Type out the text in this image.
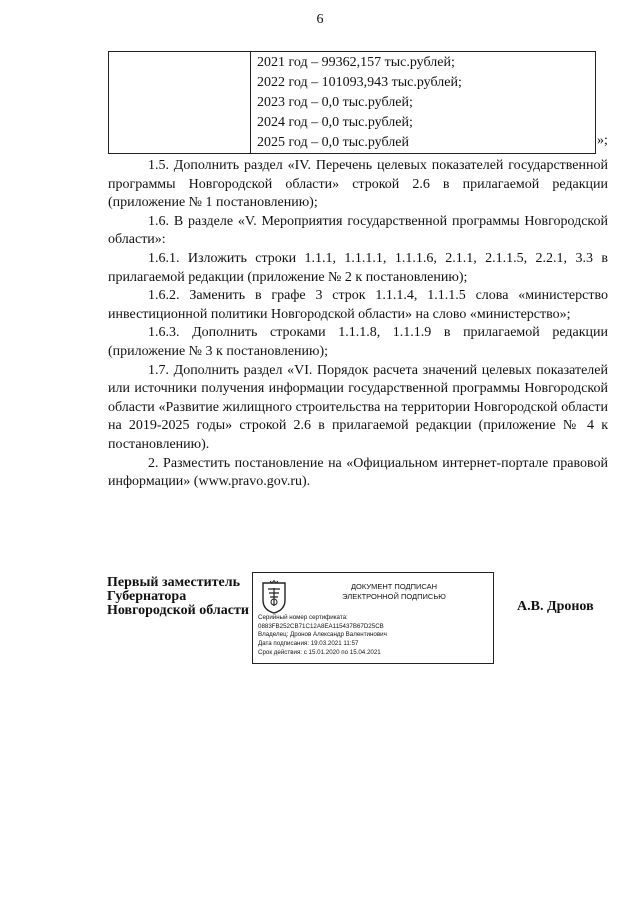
6

2021 год – 99362,157 тыс.рублей;
2022 год – 101093,943 тыс.рублей;
2023 год – 0,0 тыс.рублей;
2024 год – 0,0 тыс.рублей;
2025 год – 0,0 тыс.рублей	»;

1.5. Дополнить раздел «IV. Перечень целевых показателей государственной программы Новгородской области» строкой 2.6 в прилагаемой редакции (приложение № 1 постановлению);

1.6. В разделе «V. Мероприятия государственной программы Новгородской области»:

1.6.1. Изложить строки 1.1.1, 1.1.1.1, 1.1.1.6, 2.1.1, 2.1.1.5, 2.2.1, 3.3 в прилагаемой редакции (приложение № 2 к постановлению);

1.6.2. Заменить в графе 3 строк 1.1.1.4, 1.1.1.5 слова «министерство инвестиционной политики Новгородской области» на слово «министерство»;

1.6.3. Дополнить строками 1.1.1.8, 1.1.1.9 в прилагаемой редакции (приложение № 3 к постановлению);

1.7. Дополнить раздел «VI. Порядок расчета значений целевых показателей или источники получения информации государственной программы Новгородской области «Развитие жилищного строительства на территории Новгородской области на 2019-2025 годы» строкой 2.6 в прилагаемой редакции (приложение № 4 к постановлению).

2. Разместить постановление на «Официальном интернет-портале правовой информации» (www.pravo.gov.ru).

Первый заместитель
Губернатора
Новгородской области
ДОКУМЕНТ ПОДПИСАН
ЭЛЕКТРОННОЙ ПОДПИСЬЮ
Серийный номер сертификата:
0883FB252CB71C12A8EA115437B67D25CB
Владелец: Дронов Александр Валентинович
Дата подписания: 19.03.2021 11:57
Срок действия: с 15.01.2020 по 15.04.2021
А.В. Дронов
